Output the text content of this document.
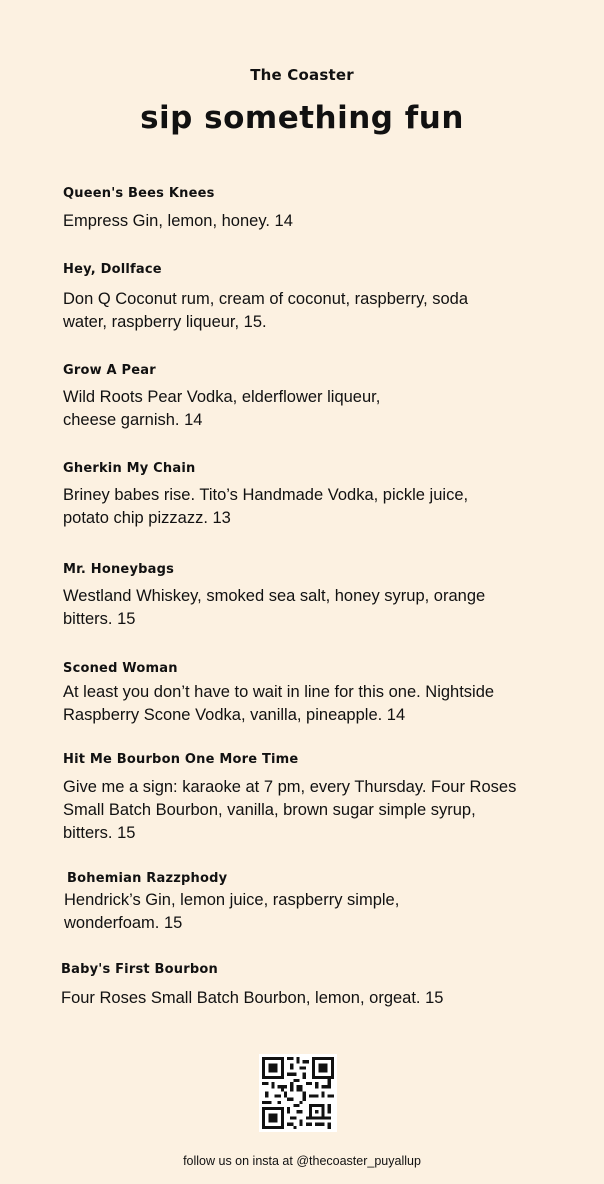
The Coaster
sip something fun

Queen's Bees Knees

Empress Gin, lemon, honey. 14

Hey, Dollface

Don Q Coconut rum, cream of coconut, raspberry, soda
water, raspberry liqueur, 15.

Grow A Pear

Wild Roots Pear Vodka, elderflower liqueur,
cheese garnish. 14

Gherkin My Chain

Briney babes rise. Tito’s Handmade Vodka, pickle juice,
potato chip pizzazz. 13

Mr. Honeybags

Westland Whiskey, smoked sea salt, honey syrup, orange
bitters. 15

Sconed Woman

At least you don’t have to wait in line for this one. Nightside
Raspberry Scone Vodka, vanilla, pineapple. 14

Hit Me Bourbon One More Time

Give me a sign: karaoke at 7 pm, every Thursday. Four Roses
Small Batch Bourbon, vanilla, brown sugar simple syrup,
bitters. 15

Bohemian Razzphody

Hendrick’s Gin, lemon juice, raspberry simple,
wonderfoam. 15

Baby's First Bourbon

Four Roses Small Batch Bourbon, lemon, orgeat. 15

follow us on insta at @thecoaster_puyallup
